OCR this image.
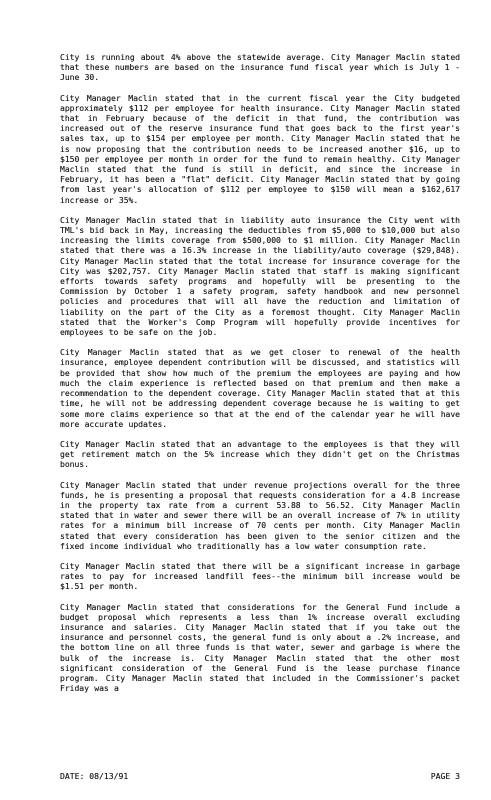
City is running about 4% above the statewide average. City Manager Maclin stated that these numbers are based on the insurance fund fiscal year which is July 1 - June 30.

City Manager Maclin stated that in the current fiscal year the City budgeted approximately $112 per employee for health insurance. City Manager Maclin stated that in February because of the deficit in that fund, the contribution was increased out of the reserve insurance fund that goes back to the first year's sales tax, up to $154 per employee per month. City Manager Maclin stated that he is now proposing that the contribution needs to be increased another $16, up to $150 per employee per month in order for the fund to remain healthy. City Manager Maclin stated that the fund is still in deficit, and since the increase in February, it has been a "flat" deficit. City Manager Maclin stated that by going from last year's allocation of $112 per employee to $150 will mean a $162,617 increase or 35%.

City Manager Maclin stated that in liability auto insurance the City went with TML's bid back in May, increasing the deductibles from $5,000 to $10,000 but also increasing the limits coverage from $500,000 to $1 million. City Manager Maclin stated that there was a 16.3% increase in the liability/auto coverage ($29,848). City Manager Maclin stated that the total increase for insurance coverage for the City was $202,757. City Manager Maclin stated that staff is making significant efforts towards safety programs and hopefully will be presenting to the Commission by October 1 a safety program, safety handbook and new personnel policies and procedures that will all have the reduction and limitation of liability on the part of the City as a foremost thought. City Manager Maclin stated that the Worker's Comp Program will hopefully provide incentives for employees to be safe on the job.

City Manager Maclin stated that as we get closer to renewal of the health insurance, employee dependent contribution will be discussed, and statistics will be provided that show how much of the premium the employees are paying and how much the claim experience is reflected based on that premium and then make a recommendation to the dependent coverage. City Manager Maclin stated that at this time, he will not be addressing dependent coverage because he is waiting to get some more claims experience so that at the end of the calendar year he will have more accurate updates.

City Manager Maclin stated that an advantage to the employees is that they will get retirement match on the 5% increase which they didn't get on the Christmas bonus.

City Manager Maclin stated that under revenue projections overall for the three funds, he is presenting a proposal that requests consideration for a 4.8 increase in the property tax rate from a current 53.88 to 56.52. City Manager Maclin stated that in water and sewer there will be an overall increase of 7% in utility rates for a minimum bill increase of 70 cents per month. City Manager Maclin stated that every consideration has been given to the senior citizen and the fixed income individual who traditionally has a low water consumption rate.

City Manager Maclin stated that there will be a significant increase in garbage rates to pay for increased landfill fees--the minimum bill increase would be $1.51 per month.

City Manager Maclin stated that considerations for the General Fund include a budget proposal which represents a less than 1% increase overall excluding insurance and salaries. City Manager Maclin stated that if you take out the insurance and personnel costs, the general fund is only about a .2% increase, and the bottom line on all three funds is that water, sewer and garbage is where the bulk of the increase is. City Manager Maclin stated that the other most significant consideration of the General Fund is the lease purchase finance program. City Manager Maclin stated that included in the Commissioner's packet Friday was a

DATE: 08/13/91	PAGE 3
